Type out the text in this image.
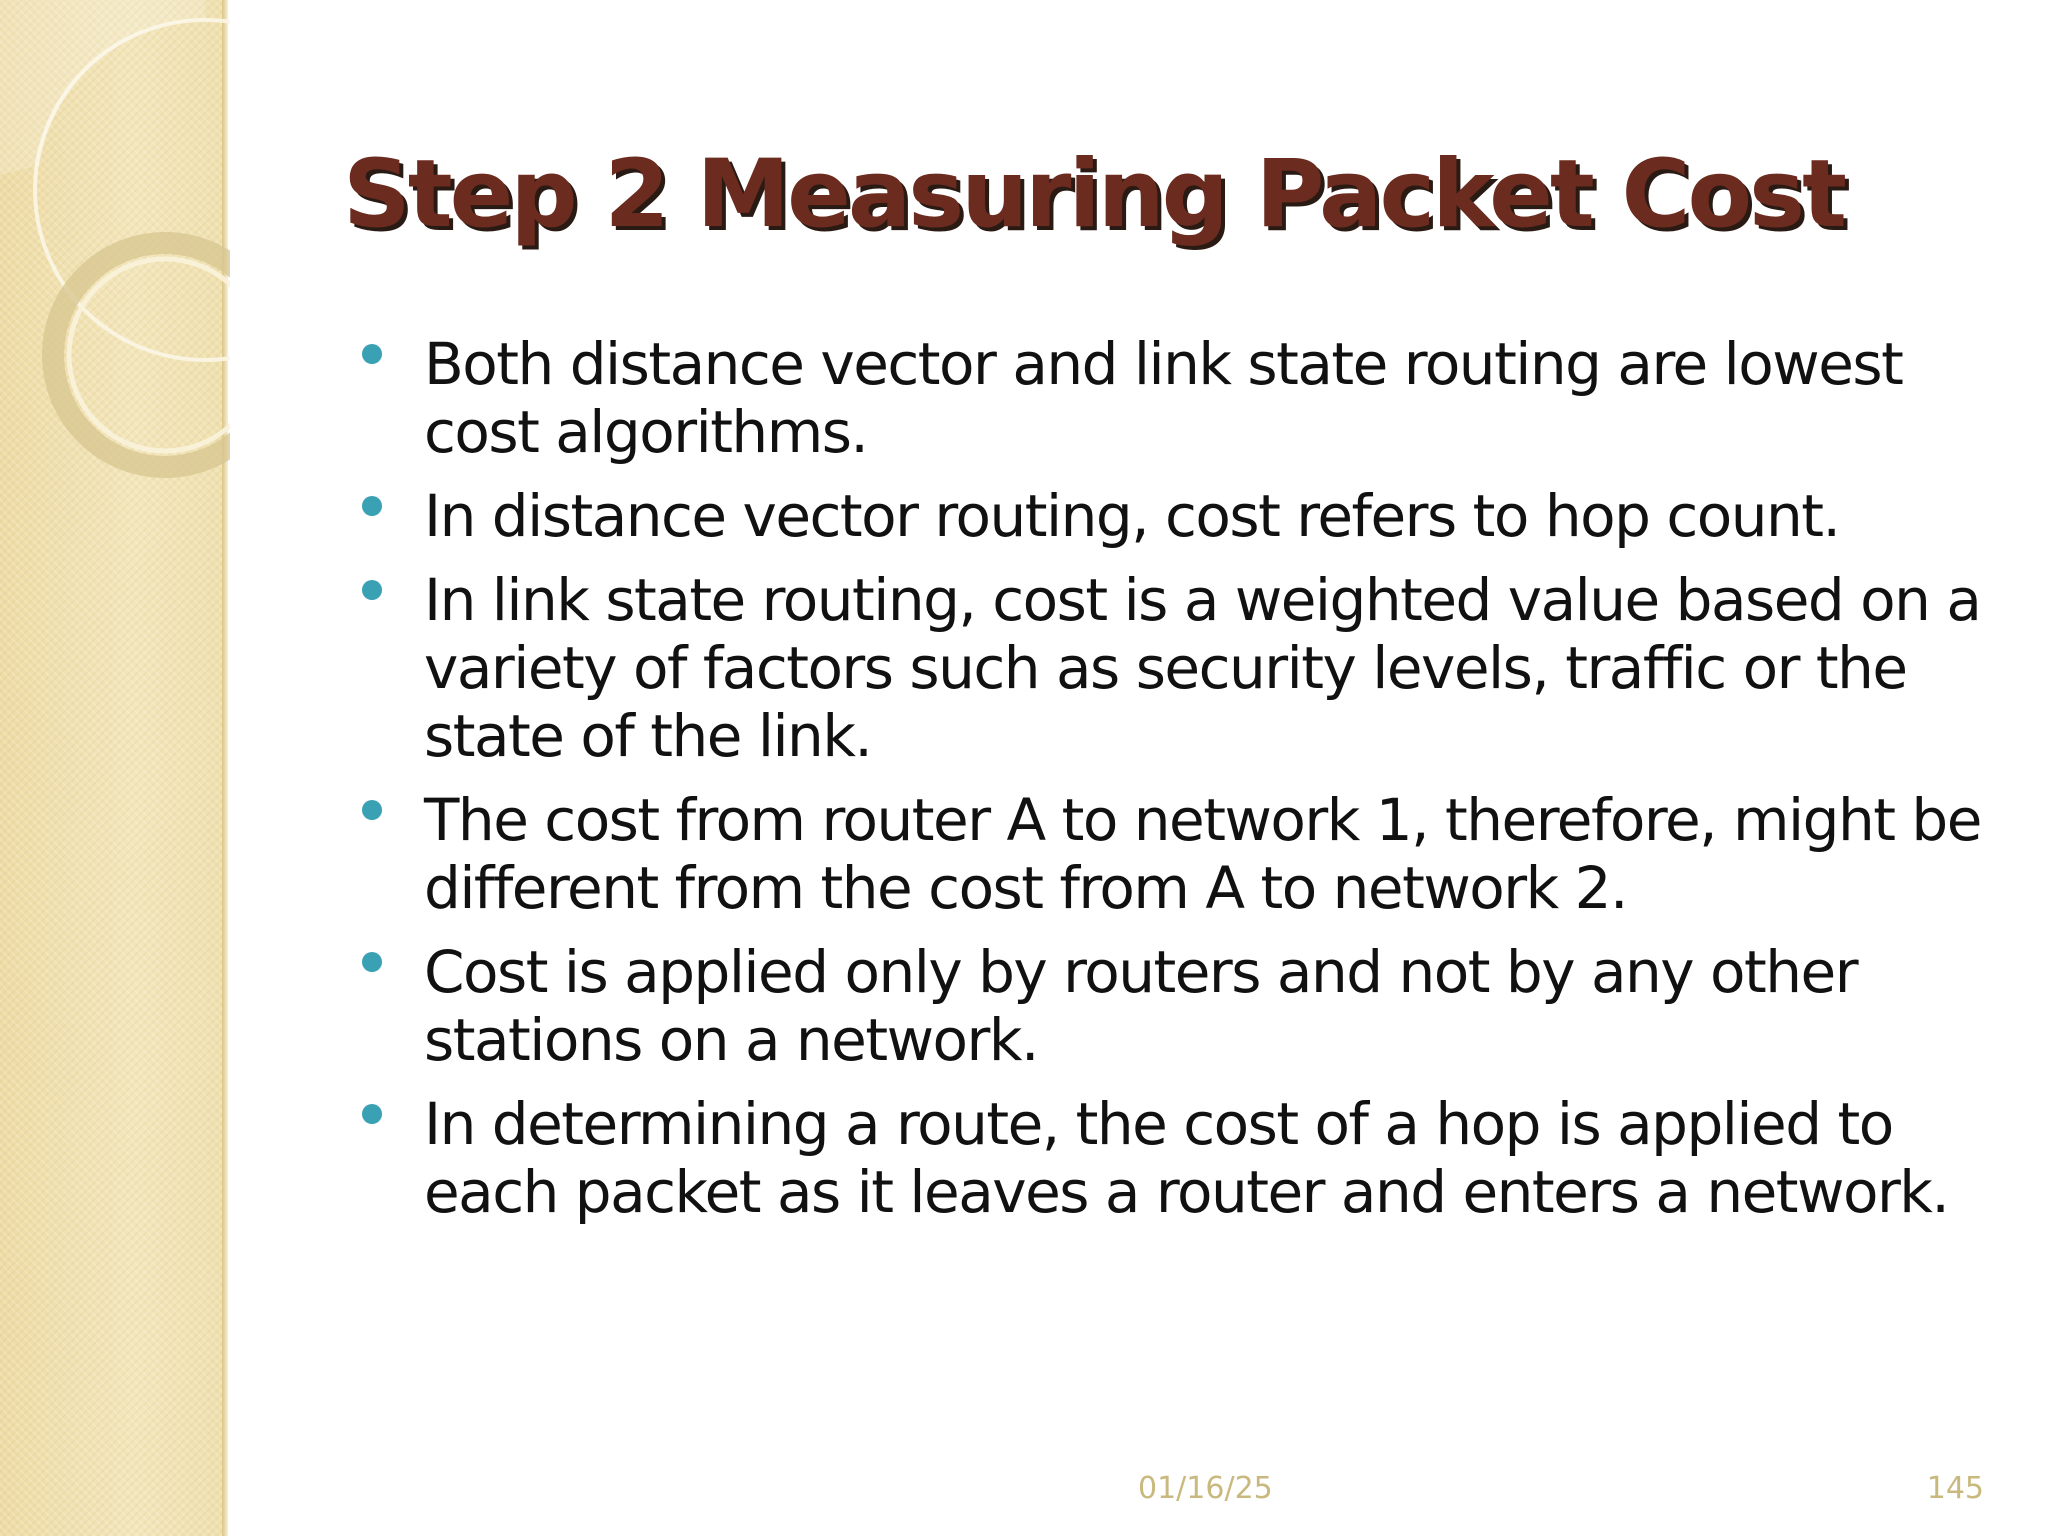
Step 2 Measuring Packet Cost
Both distance vector and link state routing are lowest cost algorithms.
In distance vector routing, cost refers to hop count.
In link state routing, cost is a weighted value based on a variety of factors such as security levels, traffic or the state of the link.
The cost from router A to network 1, therefore, might be different from the cost from A to network 2.
Cost is applied only by routers and not by any other stations on a network.
In determining a route, the cost of a hop is applied to each packet as it leaves a router and enters a network.
01/16/25	145
